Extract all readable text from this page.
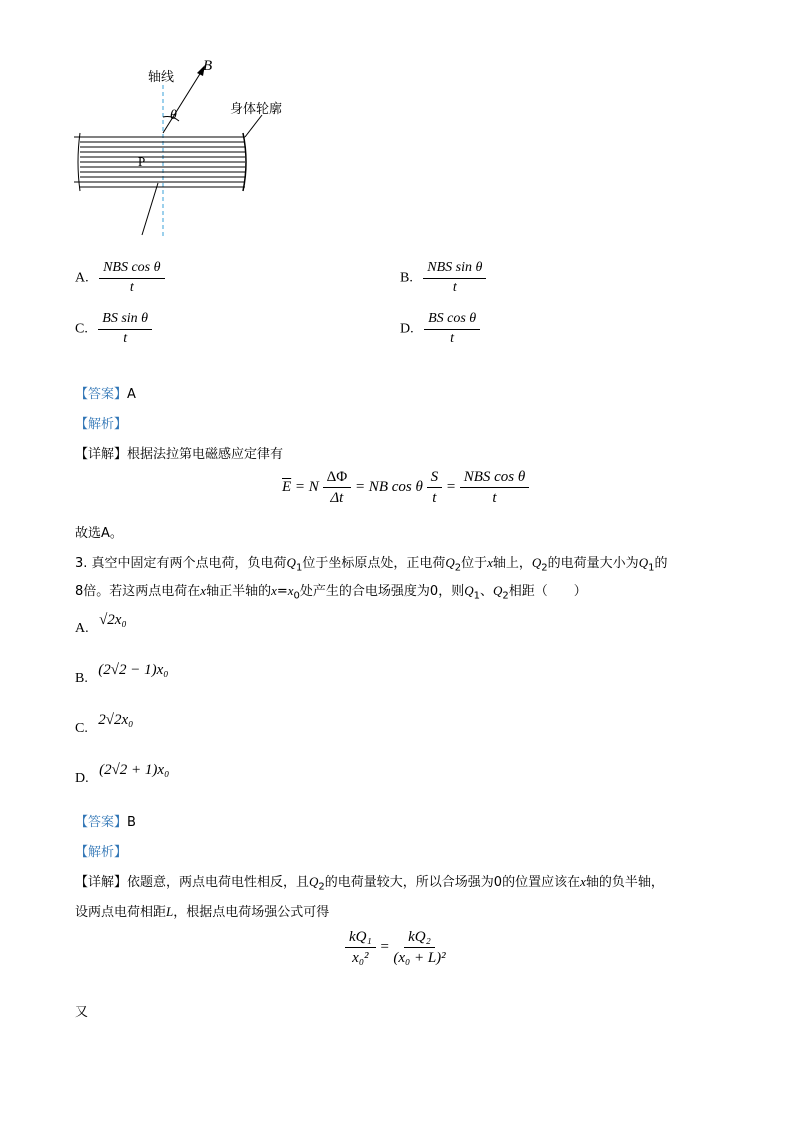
轴线
B
θ	身体轮廓
P
A. $\frac{\text{NBS cos θ}}{t}$	B. $\frac{\text{NBS sin θ}}{t}$
C. $\frac{\text{BS sin θ}}{t}$	D. $\frac{\text{BS cos θ}}{t}$
【答案】A
【解析】
【详解】根据法拉第电磁感应定律有
$\overline{E} = N \frac{\Delta\Phi}{\Delta t}$ = NB cos θ $\frac{S}{t} = \frac{\text{NBS cos θ}}{t}$
故选A。
3. 真空中固定有两个点电荷，负电荷$Q_1$位于坐标原点处，正电荷$Q_2$位于x轴上，$Q_2$的电荷量大小为$Q_1$的
8倍。若这两点电荷在x轴正半轴的$x=x_0$处产生的合电场强度为0，则$Q_1$、$Q_2$相距（　　）
A. √2x₀
B. (2√2 − 1)x₀
C. 2√2x₀
D. (2√2 + 1)x₀
【答案】B
【解析】
【详解】依题意，两点电荷电性相反，且$Q_2$的电荷量较大，所以合场强为0的位置应该在x轴的负半轴，
设两点电荷相距L，根据点电荷场强公式可得
$\frac{\text{kQ₁}}{\text{x₀²}} = \frac{\text{kQ₂}}{\text{(x₀ + L)²}}$
又
